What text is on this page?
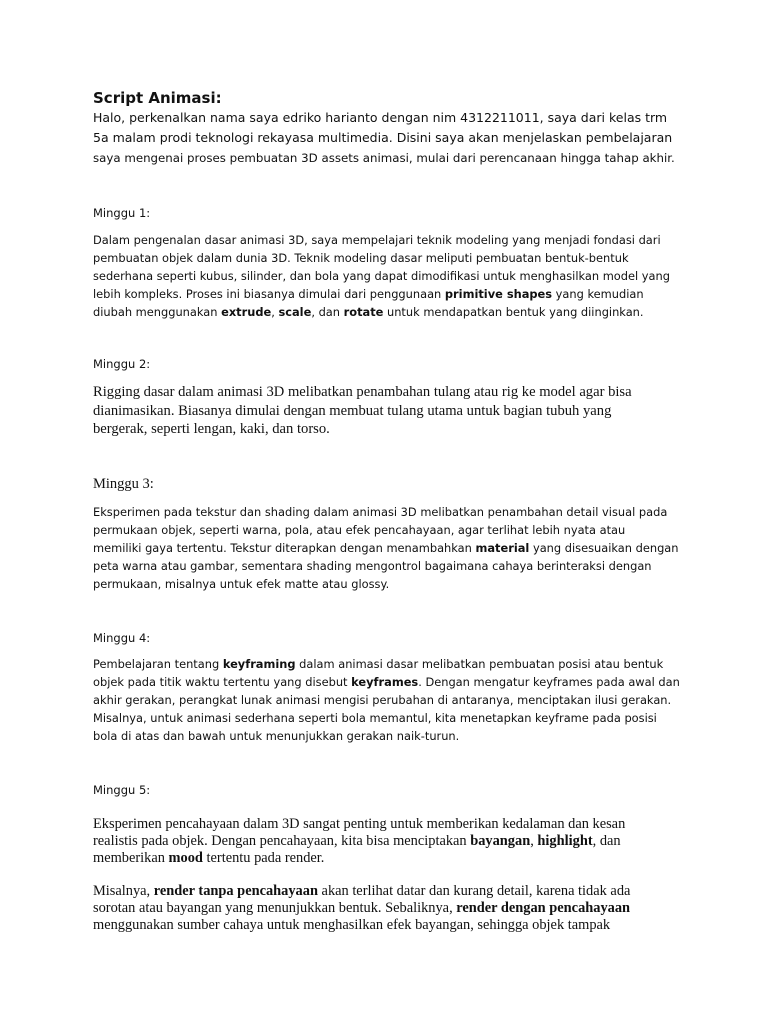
Script Animasi:

Halo, perkenalkan nama saya edriko harianto dengan nim 4312211011, saya dari kelas trm
5a malam prodi teknologi rekayasa multimedia. Disini saya akan menjelaskan pembelajaran
saya mengenai proses pembuatan 3D assets animasi, mulai dari perencanaan hingga tahap akhir.
Minggu 1:
Dalam pengenalan dasar animasi 3D, saya mempelajari teknik modeling yang menjadi fondasi dari
pembuatan objek dalam dunia 3D. Teknik modeling dasar meliputi pembuatan bentuk-bentuk
sederhana seperti kubus, silinder, dan bola yang dapat dimodifikasi untuk menghasilkan model yang
lebih kompleks. Proses ini biasanya dimulai dari penggunaan primitive shapes yang kemudian
diubah menggunakan extrude, scale, dan rotate untuk mendapatkan bentuk yang diinginkan.
Minggu 2:
Rigging dasar dalam animasi 3D melibatkan penambahan tulang atau rig ke model agar bisa
dianimasikan. Biasanya dimulai dengan membuat tulang utama untuk bagian tubuh yang
bergerak, seperti lengan, kaki, dan torso.
Minggu 3:
Eksperimen pada tekstur dan shading dalam animasi 3D melibatkan penambahan detail visual pada
permukaan objek, seperti warna, pola, atau efek pencahayaan, agar terlihat lebih nyata atau
memiliki gaya tertentu. Tekstur diterapkan dengan menambahkan material yang disesuaikan dengan
peta warna atau gambar, sementara shading mengontrol bagaimana cahaya berinteraksi dengan
permukaan, misalnya untuk efek matte atau glossy.
Minggu 4:
Pembelajaran tentang keyframing dalam animasi dasar melibatkan pembuatan posisi atau bentuk
objek pada titik waktu tertentu yang disebut keyframes. Dengan mengatur keyframes pada awal dan
akhir gerakan, perangkat lunak animasi mengisi perubahan di antaranya, menciptakan ilusi gerakan.
Misalnya, untuk animasi sederhana seperti bola memantul, kita menetapkan keyframe pada posisi
bola di atas dan bawah untuk menunjukkan gerakan naik-turun.
Minggu 5:
Eksperimen pencahayaan dalam 3D sangat penting untuk memberikan kedalaman dan kesan
realistis pada objek. Dengan pencahayaan, kita bisa menciptakan bayangan, highlight, dan
memberikan mood tertentu pada render.
Misalnya, render tanpa pencahayaan akan terlihat datar dan kurang detail, karena tidak ada
sorotan atau bayangan yang menunjukkan bentuk. Sebaliknya, render dengan pencahayaan
menggunakan sumber cahaya untuk menghasilkan efek bayangan, sehingga objek tampak
